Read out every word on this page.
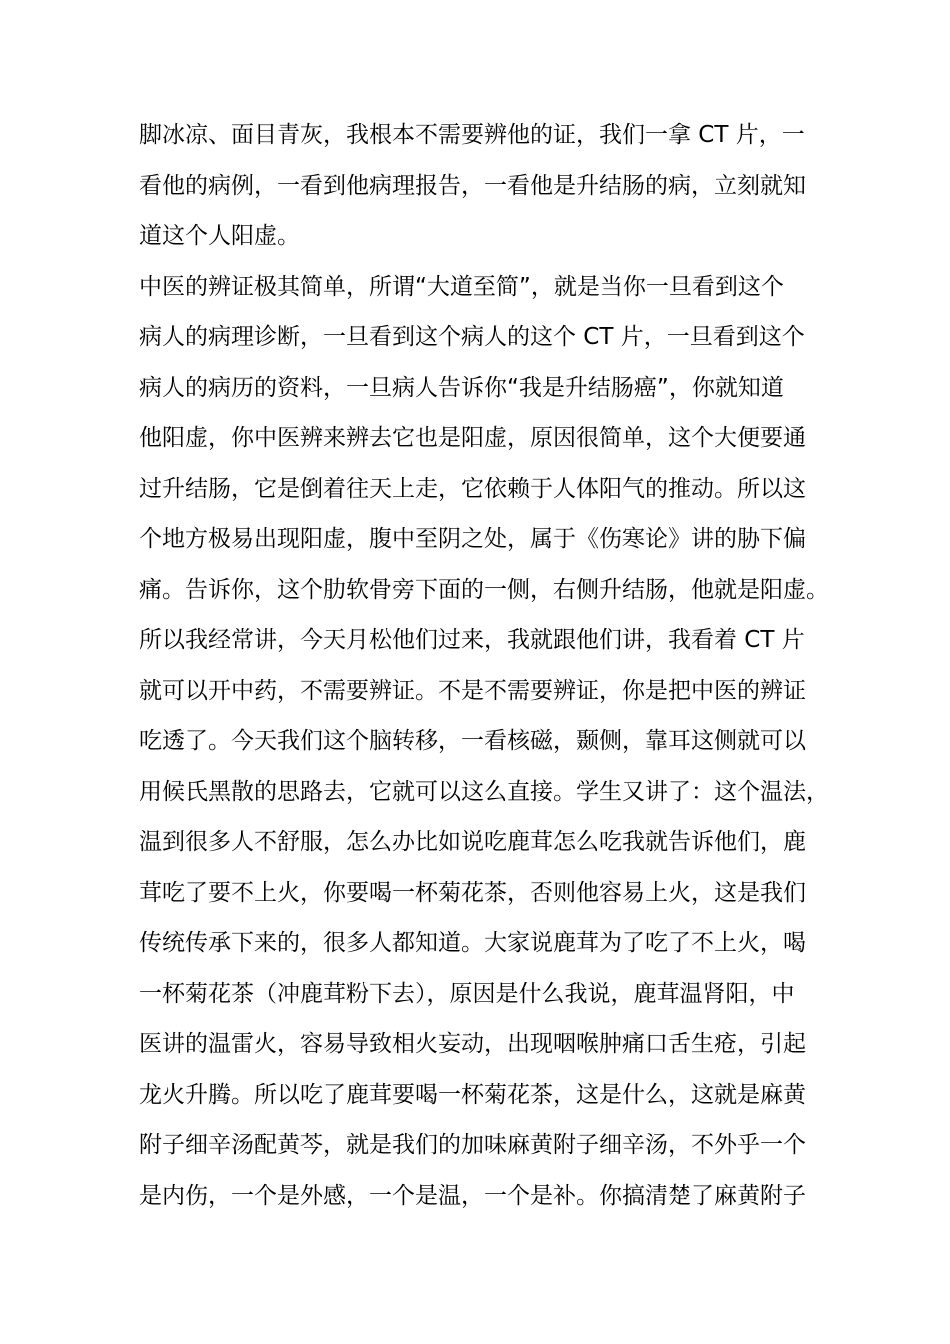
脚冰凉、面目青灰，我根本不需要辨他的证，我们一拿 CT 片，一
看他的病例，一看到他病理报告，一看他是升结肠的病，立刻就知
道这个人阳虚。
中医的辨证极其简单，所谓“大道至简”，就是当你一旦看到这个
病人的病理诊断，一旦看到这个病人的这个 CT 片，一旦看到这个
病人的病历的资料，一旦病人告诉你“我是升结肠癌”，你就知道
他阳虚，你中医辨来辨去它也是阳虚，原因很简单，这个大便要通
过升结肠，它是倒着往天上走，它依赖于人体阳气的推动。所以这
个地方极易出现阳虚，腹中至阴之处，属于《伤寒论》讲的胁下偏
痛。告诉你，这个肋软骨旁下面的一侧，右侧升结肠，他就是阳虚。
所以我经常讲，今天月松他们过来，我就跟他们讲，我看着 CT 片
就可以开中药，不需要辨证。不是不需要辨证，你是把中医的辨证
吃透了。今天我们这个脑转移，一看核磁，颞侧，靠耳这侧就可以
用候氏黑散的思路去，它就可以这么直接。学生又讲了：这个温法，
温到很多人不舒服，怎么办比如说吃鹿茸怎么吃我就告诉他们，鹿
茸吃了要不上火，你要喝一杯菊花茶，否则他容易上火，这是我们
传统传承下来的，很多人都知道。大家说鹿茸为了吃了不上火，喝
一杯菊花茶（冲鹿茸粉下去），原因是什么我说，鹿茸温肾阳，中
医讲的温雷火，容易导致相火妄动，出现咽喉肿痛口舌生疮，引起
龙火升腾。所以吃了鹿茸要喝一杯菊花茶，这是什么，这就是麻黄
附子细辛汤配黄芩，就是我们的加味麻黄附子细辛汤，不外乎一个
是内伤，一个是外感，一个是温，一个是补。你搞清楚了麻黄附子
